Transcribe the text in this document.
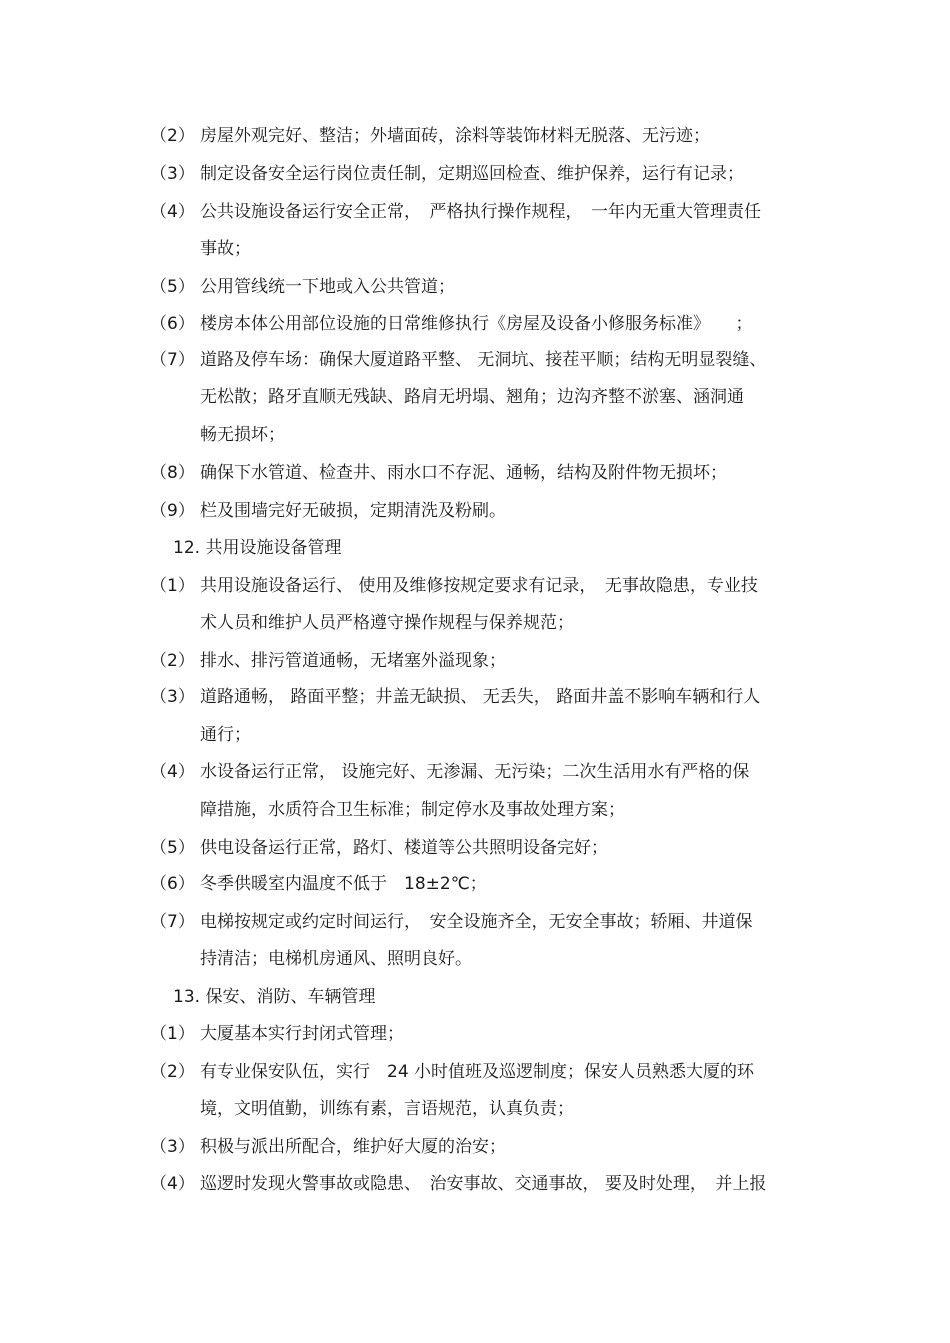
（2） 房屋外观完好、整洁；外墙面砖，涂料等装饰材料无脱落、无污迹；
（3） 制定设备安全运行岗位责任制，定期巡回检查、维护保养，运行有记录；
（4） 公共设施设备运行安全正常，　严格执行操作规程，　一年内无重大管理责任
事故；
（5） 公用管线统一下地或入公共管道；
（6） 楼房本体公用部位设施的日常维修执行《房屋及设备小修服务标准》　　；
（7） 道路及停车场：确保大厦道路平整、 无洞坑、接茬平顺；结构无明显裂缝、
无松散；路牙直顺无残缺、路肩无坍塌、翘角；边沟齐整不淤塞、涵洞通
畅无损坏；
（8） 确保下水管道、检查井、雨水口不存泥、通畅，结构及附件物无损坏；
（9） 栏及围墙完好无破损，定期清洗及粉刷。
12. 共用设施设备管理
（1） 共用设施设备运行、 使用及维修按规定要求有记录，　无事故隐患，专业技
术人员和维护人员严格遵守操作规程与保养规范；
（2） 排水、排污管道通畅，无堵塞外溢现象；
（3） 道路通畅， 路面平整；井盖无缺损、 无丢失， 路面井盖不影响车辆和行人
通行；
（4） 水设备运行正常， 设施完好、无渗漏、无污染；二次生活用水有严格的保
障措施，水质符合卫生标准；制定停水及事故处理方案；
（5） 供电设备运行正常，路灯、楼道等公共照明设备完好；
（6） 冬季供暖室内温度不低于　18±2℃；
（7） 电梯按规定或约定时间运行，　安全设施齐全，无安全事故；轿厢、井道保
持清洁；电梯机房通风、照明良好。
13. 保安、消防、车辆管理
（1） 大厦基本实行封闭式管理；
（2） 有专业保安队伍，实行　24 小时值班及巡逻制度；保安人员熟悉大厦的环
境，文明值勤，训练有素，言语规范，认真负责；
（3） 积极与派出所配合，维护好大厦的治安；
（4） 巡逻时发现火警事故或隐患、　治安事故、交通事故， 要及时处理，　并上报
